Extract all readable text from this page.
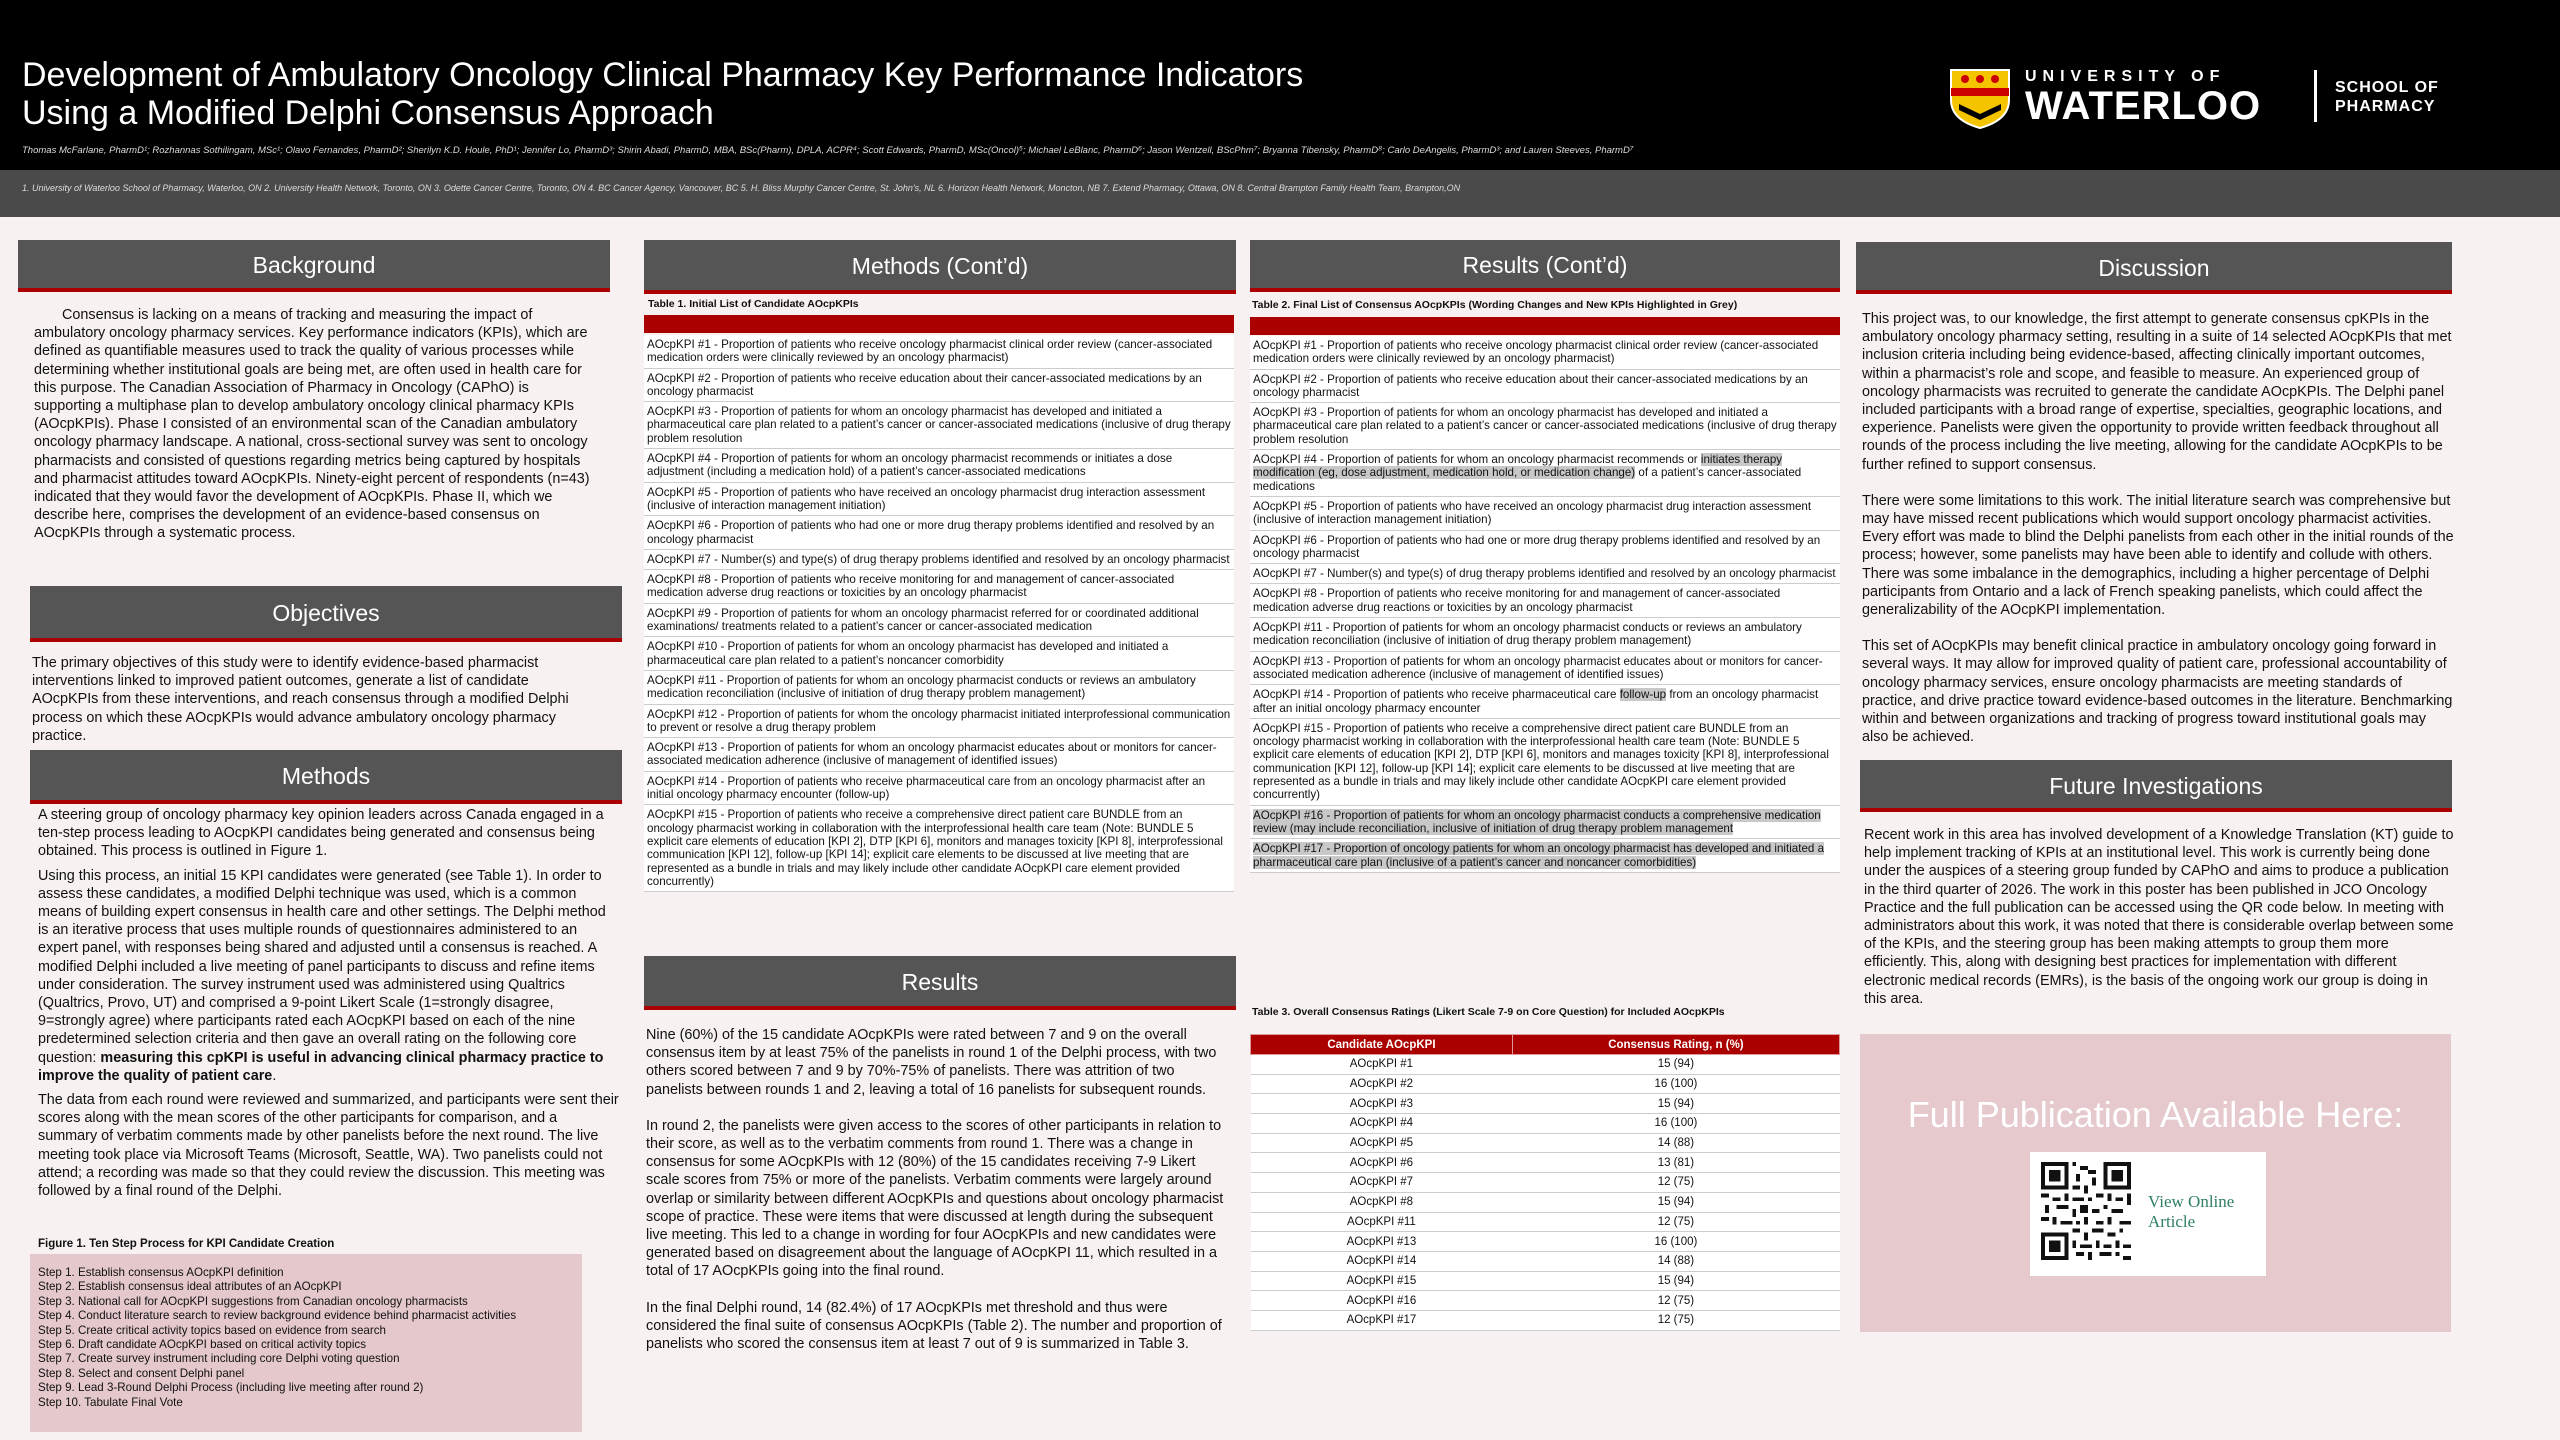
Development of Ambulatory Oncology Clinical Pharmacy Key Performance Indicators
Using a Modified Delphi Consensus Approach
Thomas McFarlane, PharmD¹; Rozhannas Sothilingam, MSc¹; Olavo Fernandes, PharmD²; Sherilyn K.D. Houle, PhD¹; Jennifer Lo, PharmD³; Shirin Abadi, PharmD, MBA, BSc(Pharm), DPLA, ACPR⁴; Scott Edwards, PharmD, MSc(Oncol)⁵; Michael LeBlanc, PharmD⁶; Jason Wentzell, BScPhm⁷; Bryanna Tibensky, PharmD⁸; Carlo DeAngelis, PharmD³; and Lauren Steeves, PharmD⁷
UNIVERSITY OF
WATERLOO	SCHOOL OF
PHARMACY
1. University of Waterloo School of Pharmacy, Waterloo, ON 2. University Health Network, Toronto, ON 3. Odette Cancer Centre, Toronto, ON 4. BC Cancer Agency, Vancouver, BC 5. H. Bliss Murphy Cancer Centre, St. John's, NL 6. Horizon Health Network, Moncton, NB 7. Extend Pharmacy, Ottawa, ON 8. Central Brampton Family Health Team, Brampton,ON
Background
Consensus is lacking on a means of tracking and measuring the impact of ambulatory oncology pharmacy services. Key performance indicators (KPIs), which are defined as quantifiable measures used to track the quality of various processes while determining whether institutional goals are being met, are often used in health care for this purpose. The Canadian Association of Pharmacy in Oncology (CAPhO) is supporting a multiphase plan to develop ambulatory oncology clinical pharmacy KPIs (AOcpKPIs). Phase I consisted of an environmental scan of the Canadian ambulatory oncology pharmacy landscape. A national, cross-sectional survey was sent to oncology pharmacists and consisted of questions regarding metrics being captured by hospitals and pharmacist attitudes toward AOcpKPIs. Ninety-eight percent of respondents (n=43) indicated that they would favor the development of AOcpKPIs. Phase II, which we describe here, comprises the development of an evidence-based consensus on AOcpKPIs through a systematic process.
Objectives
The primary objectives of this study were to identify evidence-based pharmacist interventions linked to improved patient outcomes, generate a list of candidate AOcpKPIs from these interventions, and reach consensus through a modified Delphi process on which these AOcpKPIs would advance ambulatory oncology pharmacy practice.
Methods

A steering group of oncology pharmacy key opinion leaders across Canada engaged in a ten-step process leading to AOcpKPI candidates being generated and consensus being obtained. This process is outlined in Figure 1.

Using this process, an initial 15 KPI candidates were generated (see Table 1). In order to assess these candidates, a modified Delphi technique was used, which is a common means of building expert consensus in health care and other settings. The Delphi method is an iterative process that uses multiple rounds of questionnaires administered to an expert panel, with responses being shared and adjusted until a consensus is reached. A modified Delphi included a live meeting of panel participants to discuss and refine items under consideration. The survey instrument used was administered using Qualtrics (Qualtrics, Provo, UT) and comprised a 9-point Likert Scale (1=strongly disagree, 9=strongly agree) where participants rated each AOcpKPI based on each of the nine predetermined selection criteria and then gave an overall rating on the following core question: measuring this cpKPI is useful in advancing clinical pharmacy practice to improve the quality of patient care.

The data from each round were reviewed and summarized, and participants were sent their scores along with the mean scores of the other participants for comparison, and a summary of verbatim comments made by other panelists before the next round. The live meeting took place via Microsoft Teams (Microsoft, Seattle, WA). Two panelists could not attend; a recording was made so that they could review the discussion. This meeting was followed by a final round of the Delphi.

Figure 1. Ten Step Process for KPI Candidate Creation
Step 1. Establish consensus AOcpKPI definition
Step 2. Establish consensus ideal attributes of an AOcpKPI
Step 3. National call for AOcpKPI suggestions from Canadian oncology pharmacists
Step 4. Conduct literature search to review background evidence behind pharmacist activities
Step 5. Create critical activity topics based on evidence from search
Step 6. Draft candidate AOcpKPI based on critical activity topics
Step 7. Create survey instrument including core Delphi voting question
Step 8. Select and consent Delphi panel
Step 9. Lead 3-Round Delphi Process (including live meeting after round 2)
Step 10. Tabulate Final Vote
Methods (Cont’d)
Table 1. Initial List of Candidate AOcpKPIs
AOcpKPI #1 - Proportion of patients who receive oncology pharmacist clinical order review (cancer-associated medication orders were clinically reviewed by an oncology pharmacist)
AOcpKPI #2 - Proportion of patients who receive education about their cancer-associated medications by an oncology pharmacist
AOcpKPI #3 - Proportion of patients for whom an oncology pharmacist has developed and initiated a pharmaceutical care plan related to a patient’s cancer or cancer-associated medications (inclusive of drug therapy problem resolution
AOcpKPI #4 - Proportion of patients for whom an oncology pharmacist recommends or initiates a dose adjustment (including a medication hold) of a patient’s cancer-associated medications
AOcpKPI #5 - Proportion of patients who have received an oncology pharmacist drug interaction assessment (inclusive of interaction management initiation)
AOcpKPI #6 - Proportion of patients who had one or more drug therapy problems identified and resolved by an oncology pharmacist
AOcpKPI #7 - Number(s) and type(s) of drug therapy problems identified and resolved by an oncology pharmacist
AOcpKPI #8 - Proportion of patients who receive monitoring for and management of cancer-associated medication adverse drug reactions or toxicities by an oncology pharmacist
AOcpKPI #9 - Proportion of patients for whom an oncology pharmacist referred for or coordinated additional examinations/ treatments related to a patient’s cancer or cancer-associated medication
AOcpKPI #10 - Proportion of patients for whom an oncology pharmacist has developed and initiated a pharmaceutical care plan related to a patient’s noncancer comorbidity
AOcpKPI #11 - Proportion of patients for whom an oncology pharmacist conducts or reviews an ambulatory medication reconciliation (inclusive of initiation of drug therapy problem management)
AOcpKPI #12 - Proportion of patients for whom the oncology pharmacist initiated interprofessional communication to prevent or resolve a drug therapy problem
AOcpKPI #13 - Proportion of patients for whom an oncology pharmacist educates about or monitors for cancer-associated medication adherence (inclusive of management of identified issues)
AOcpKPI #14 - Proportion of patients who receive pharmaceutical care from an oncology pharmacist after an initial oncology pharmacy encounter (follow-up)
AOcpKPI #15 - Proportion of patients who receive a comprehensive direct patient care BUNDLE from an oncology pharmacist working in collaboration with the interprofessional health care team (Note: BUNDLE 5 explicit care elements of education [KPI 2], DTP [KPI 6], monitors and manages toxicity [KPI 8], interprofessional communication [KPI 12], follow-up [KPI 14]; explicit care elements to be discussed at live meeting that are represented as a bundle in trials and may likely include other candidate AOcpKPI care element provided concurrently)
Results

Nine (60%) of the 15 candidate AOcpKPIs were rated between 7 and 9 on the overall consensus item by at least 75% of the panelists in round 1 of the Delphi process, with two others scored between 7 and 9 by 70%-75% of panelists. There was attrition of two panelists between rounds 1 and 2, leaving a total of 16 panelists for subsequent rounds.

In round 2, the panelists were given access to the scores of other participants in relation to their score, as well as to the verbatim comments from round 1. There was a change in consensus for some AOcpKPIs with 12 (80%) of the 15 candidates receiving 7-9 Likert scale scores from 75% or more of the panelists. Verbatim comments were largely around overlap or similarity between different AOcpKPIs and questions about oncology pharmacist scope of practice. These were items that were discussed at length during the subsequent live meeting. This led to a change in wording for four AOcpKPIs and new candidates were generated based on disagreement about the language of AOcpKPI 11, which resulted in a total of 17 AOcpKPIs going into the final round.

In the final Delphi round, 14 (82.4%) of 17 AOcpKPIs met threshold and thus were considered the final suite of consensus AOcpKPIs (Table 2). The number and proportion of panelists who scored the consensus item at least 7 out of 9 is summarized in Table 3.

Results (Cont’d)
Table 2. Final List of Consensus AOcpKPIs (Wording Changes and New KPIs Highlighted in Grey)
AOcpKPI #1 - Proportion of patients who receive oncology pharmacist clinical order review (cancer-associated medication orders were clinically reviewed by an oncology pharmacist)
AOcpKPI #2 - Proportion of patients who receive education about their cancer-associated medications by an oncology pharmacist
AOcpKPI #3 - Proportion of patients for whom an oncology pharmacist has developed and initiated a pharmaceutical care plan related to a patient’s cancer or cancer-associated medications (inclusive of drug therapy problem resolution
AOcpKPI #4 - Proportion of patients for whom an oncology pharmacist recommends or initiates therapy modification (eg, dose adjustment, medication hold, or medication change) of a patient’s cancer-associated medications
AOcpKPI #5 - Proportion of patients who have received an oncology pharmacist drug interaction assessment (inclusive of interaction management initiation)
AOcpKPI #6 - Proportion of patients who had one or more drug therapy problems identified and resolved by an oncology pharmacist
AOcpKPI #7 - Number(s) and type(s) of drug therapy problems identified and resolved by an oncology pharmacist
AOcpKPI #8 - Proportion of patients who receive monitoring for and management of cancer-associated medication adverse drug reactions or toxicities by an oncology pharmacist
AOcpKPI #11 - Proportion of patients for whom an oncology pharmacist conducts or reviews an ambulatory medication reconciliation (inclusive of initiation of drug therapy problem management)
AOcpKPI #13 - Proportion of patients for whom an oncology pharmacist educates about or monitors for cancer-associated medication adherence (inclusive of management of identified issues)
AOcpKPI #14 - Proportion of patients who receive pharmaceutical care follow-up from an oncology pharmacist after an initial oncology pharmacy encounter
AOcpKPI #15 - Proportion of patients who receive a comprehensive direct patient care BUNDLE from an oncology pharmacist working in collaboration with the interprofessional health care team (Note: BUNDLE 5 explicit care elements of education [KPI 2], DTP [KPI 6], monitors and manages toxicity [KPI 8], interprofessional communication [KPI 12], follow-up [KPI 14]; explicit care elements to be discussed at live meeting that are represented as a bundle in trials and may likely include other candidate AOcpKPI care element provided concurrently)
AOcpKPI #16 - Proportion of patients for whom an oncology pharmacist conducts a comprehensive medication review (may include reconciliation, inclusive of initiation of drug therapy problem management
AOcpKPI #17 - Proportion of oncology patients for whom an oncology pharmacist has developed and initiated a pharmaceutical care plan (inclusive of a patient’s cancer and noncancer comorbidities)
Table 3. Overall Consensus Ratings (Likert Scale 7-9 on Core Question) for Included AOcpKPIs
Candidate AOcpKPI	Consensus Rating, n (%)
AOcpKPI #1	15 (94)
AOcpKPI #2	16 (100)
AOcpKPI #3	15 (94)
AOcpKPI #4	16 (100)
AOcpKPI #5	14 (88)
AOcpKPI #6	13 (81)
AOcpKPI #7	12 (75)
AOcpKPI #8	15 (94)
AOcpKPI #11	12 (75)
AOcpKPI #13	16 (100)
AOcpKPI #14	14 (88)
AOcpKPI #15	15 (94)
AOcpKPI #16	12 (75)
AOcpKPI #17	12 (75)
Discussion

This project was, to our knowledge, the first attempt to generate consensus cpKPIs in the ambulatory oncology pharmacy setting, resulting in a suite of 14 selected AOcpKPIs that met inclusion criteria including being evidence-based, affecting clinically important outcomes, within a pharmacist’s role and scope, and feasible to measure. An experienced group of oncology pharmacists was recruited to generate the candidate AOcpKPIs. The Delphi panel included participants with a broad range of expertise, specialties, geographic locations, and experience. Panelists were given the opportunity to provide written feedback throughout all rounds of the process including the live meeting, allowing for the candidate AOcpKPIs to be further refined to support consensus.

There were some limitations to this work. The initial literature search was comprehensive but may have missed recent publications which would support oncology pharmacist activities. Every effort was made to blind the Delphi panelists from each other in the initial rounds of the process; however, some panelists may have been able to identify and collude with others. There was some imbalance in the demographics, including a higher percentage of Delphi participants from Ontario and a lack of French speaking panelists, which could affect the generalizability of the AOcpKPI implementation.

This set of AOcpKPIs may benefit clinical practice in ambulatory oncology going forward in several ways. It may allow for improved quality of patient care, professional accountability of oncology pharmacy services, ensure oncology pharmacists are meeting standards of practice, and drive practice toward evidence-based outcomes in the literature. Benchmarking within and between organizations and tracking of progress toward institutional goals may also be achieved.

Future Investigations
Recent work in this area has involved development of a Knowledge Translation (KT) guide to help implement tracking of KPIs at an institutional level. This work is currently being done under the auspices of a steering group funded by CAPhO and aims to produce a publication in the third quarter of 2026. The work in this poster has been published in JCO Oncology Practice and the full publication can be accessed using the QR code below. In meeting with administrators about this work, it was noted that there is considerable overlap between some of the KPIs, and the steering group has been making attempts to group them more efficiently. This, along with designing best practices for implementation with different electronic medical records (EMRs), is the basis of the ongoing work our group is doing in this area.
Full Publication Available Here:
View Online
Article
